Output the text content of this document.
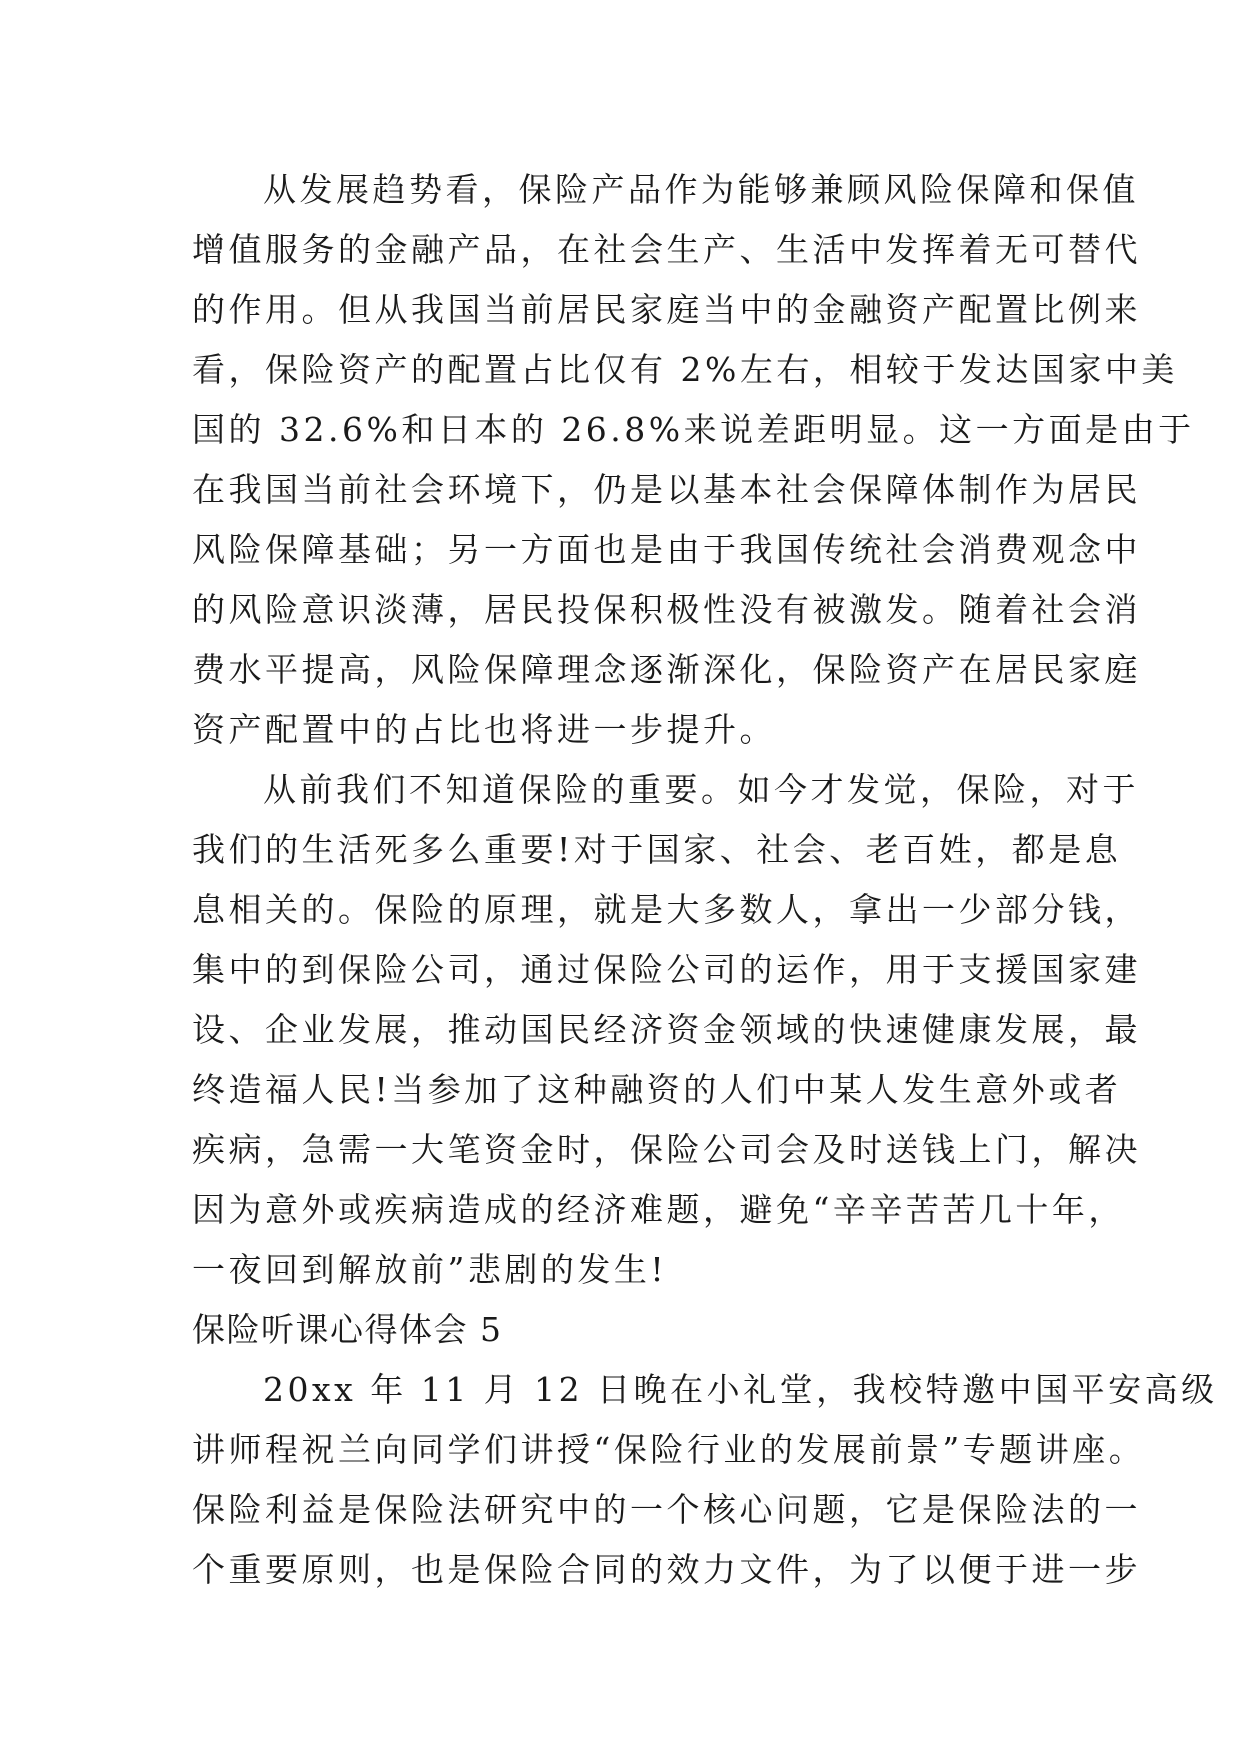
从发展趋势看，保险产品作为能够兼顾风险保障和保值
增值服务的金融产品，在社会生产、生活中发挥着无可替代
的作用。但从我国当前居民家庭当中的金融资产配置比例来
看，保险资产的配置占比仅有 2%左右，相较于发达国家中美
国的 32.6%和日本的 26.8%来说差距明显。这一方面是由于
在我国当前社会环境下，仍是以基本社会保障体制作为居民
风险保障基础；另一方面也是由于我国传统社会消费观念中
的风险意识淡薄，居民投保积极性没有被激发。随着社会消
费水平提高，风险保障理念逐渐深化，保险资产在居民家庭
资产配置中的占比也将进一步提升。
从前我们不知道保险的重要。如今才发觉，保险，对于
我们的生活死多么重要!对于国家、社会、老百姓，都是息
息相关的。保险的原理，就是大多数人，拿出一少部分钱，
集中的到保险公司，通过保险公司的运作，用于支援国家建
设、企业发展，推动国民经济资金领域的快速健康发展，最
终造福人民!当参加了这种融资的人们中某人发生意外或者
疾病，急需一大笔资金时，保险公司会及时送钱上门，解决
因为意外或疾病造成的经济难题，避免“辛辛苦苦几十年，
一夜回到解放前”悲剧的发生!
保险听课心得体会 5
20xx 年 11 月 12 日晚在小礼堂，我校特邀中国平安高级
讲师程祝兰向同学们讲授“保险行业的发展前景”专题讲座。
保险利益是保险法研究中的一个核心问题，它是保险法的一
个重要原则，也是保险合同的效力文件，为了以便于进一步
